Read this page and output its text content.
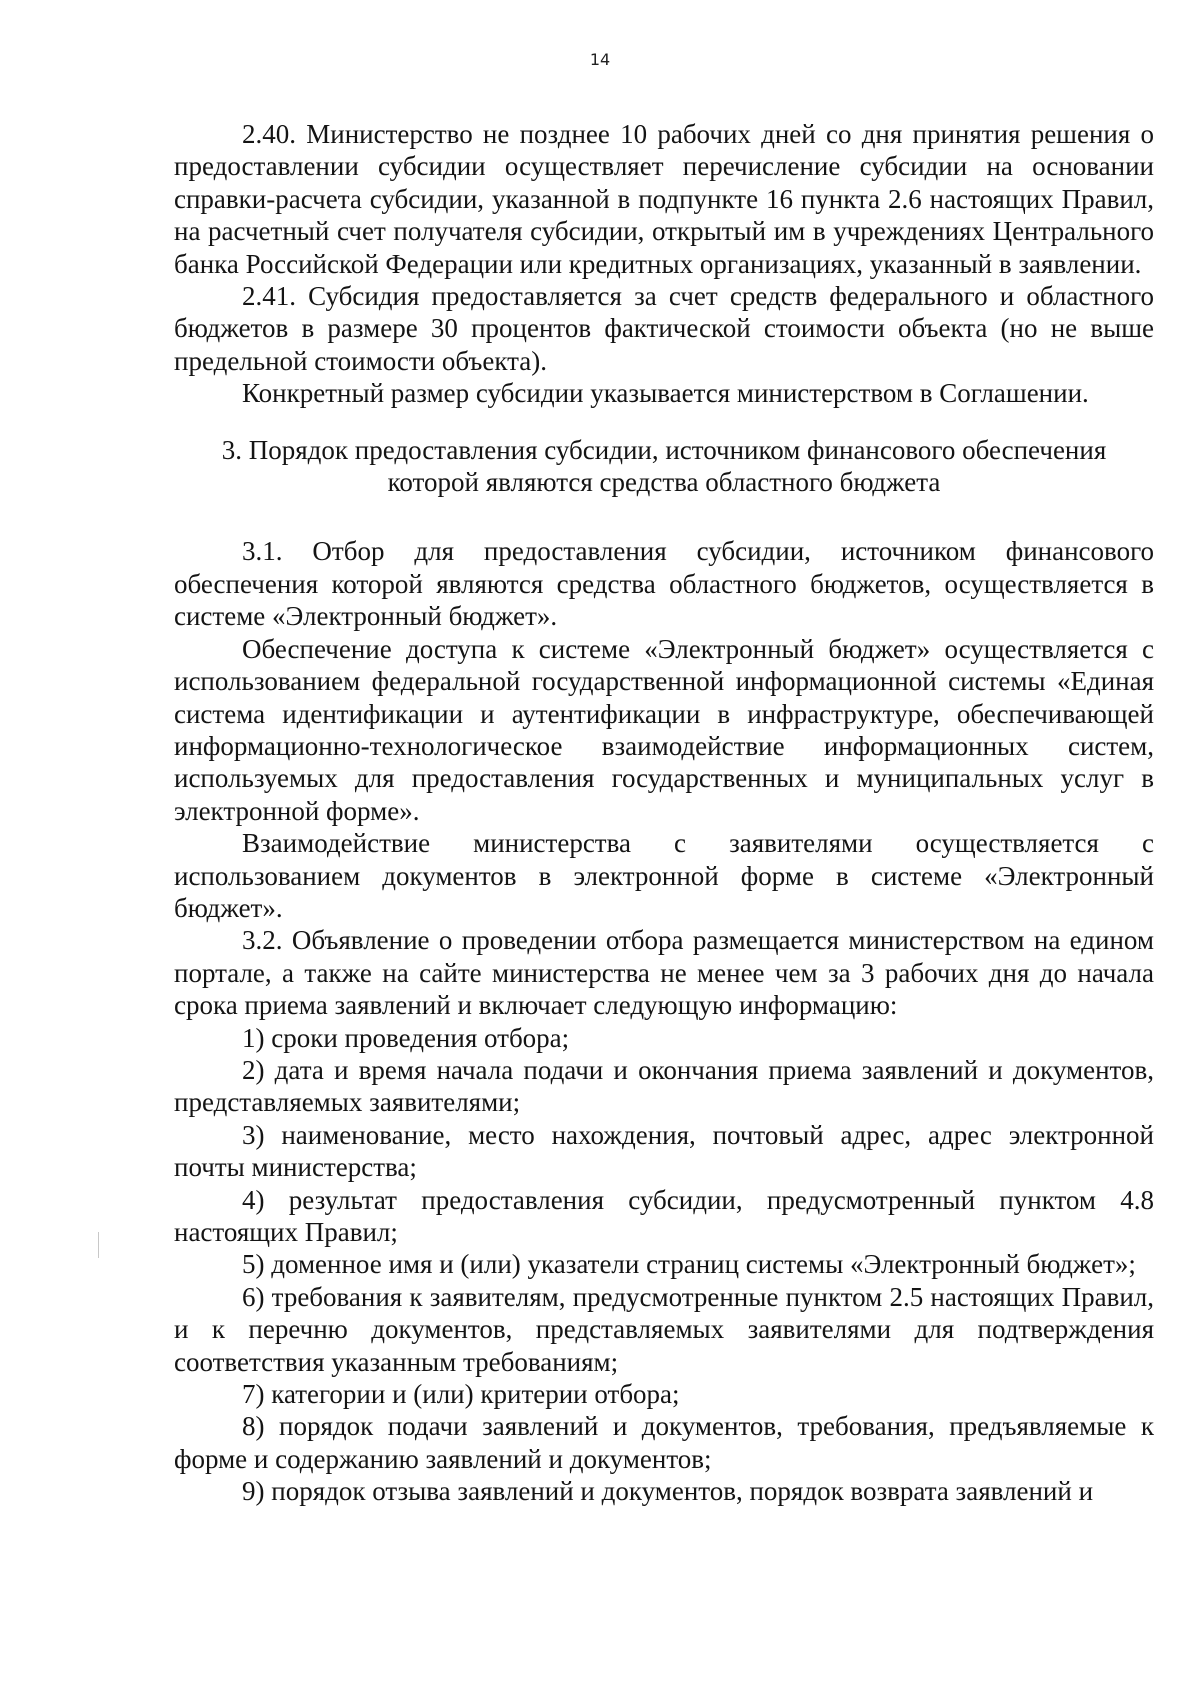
14

2.40. Министерство не позднее 10 рабочих дней со дня принятия решения о предоставлении субсидии осуществляет перечисление субсидии на основании справки-расчета субсидии, указанной в подпункте 16 пункта 2.6 настоящих Правил, на расчетный счет получателя субсидии, открытый им в учреждениях Центрального банка Российской Федерации или кредитных организациях, указанный в заявлении.

2.41. Субсидия предоставляется за счет средств федерального и областного бюджетов в размере 30 процентов фактической стоимости объекта (но не выше предельной стоимости объекта).

Конкретный размер субсидии указывается министерством в Соглашении.

3. Порядок предоставления субсидии, источником финансового обеспечения которой являются средства областного бюджета

3.1. Отбор для предоставления субсидии, источником финансового обеспечения которой являются средства областного бюджетов, осуществляется в системе «Электронный бюджет».

Обеспечение доступа к системе «Электронный бюджет» осуществляется с использованием федеральной государственной информационной системы «Единая система идентификации и аутентификации в инфраструктуре, обеспечивающей информационно-технологическое взаимодействие информационных систем, используемых для предоставления государственных и муниципальных услуг в электронной форме».

Взаимодействие министерства с заявителями осуществляется с использованием документов в электронной форме в системе «Электронный бюджет».

3.2. Объявление о проведении отбора размещается министерством на едином портале, а также на сайте министерства не менее чем за 3 рабочих дня до начала срока приема заявлений и включает следующую информацию:

1) сроки проведения отбора;

2) дата и время начала подачи и окончания приема заявлений и документов, представляемых заявителями;

3) наименование, место нахождения, почтовый адрес, адрес электронной почты министерства;

4) результат предоставления субсидии, предусмотренный пунктом 4.8 настоящих Правил;

5) доменное имя и (или) указатели страниц системы «Электронный бюджет»;

6) требования к заявителям, предусмотренные пунктом 2.5 настоящих Правил, и к перечню документов, представляемых заявителями для подтверждения соответствия указанным требованиям;

7) категории и (или) критерии отбора;

8) порядок подачи заявлений и документов, требования, предъявляемые к форме и содержанию заявлений и документов;

9) порядок отзыва заявлений и документов, порядок возврата заявлений и
